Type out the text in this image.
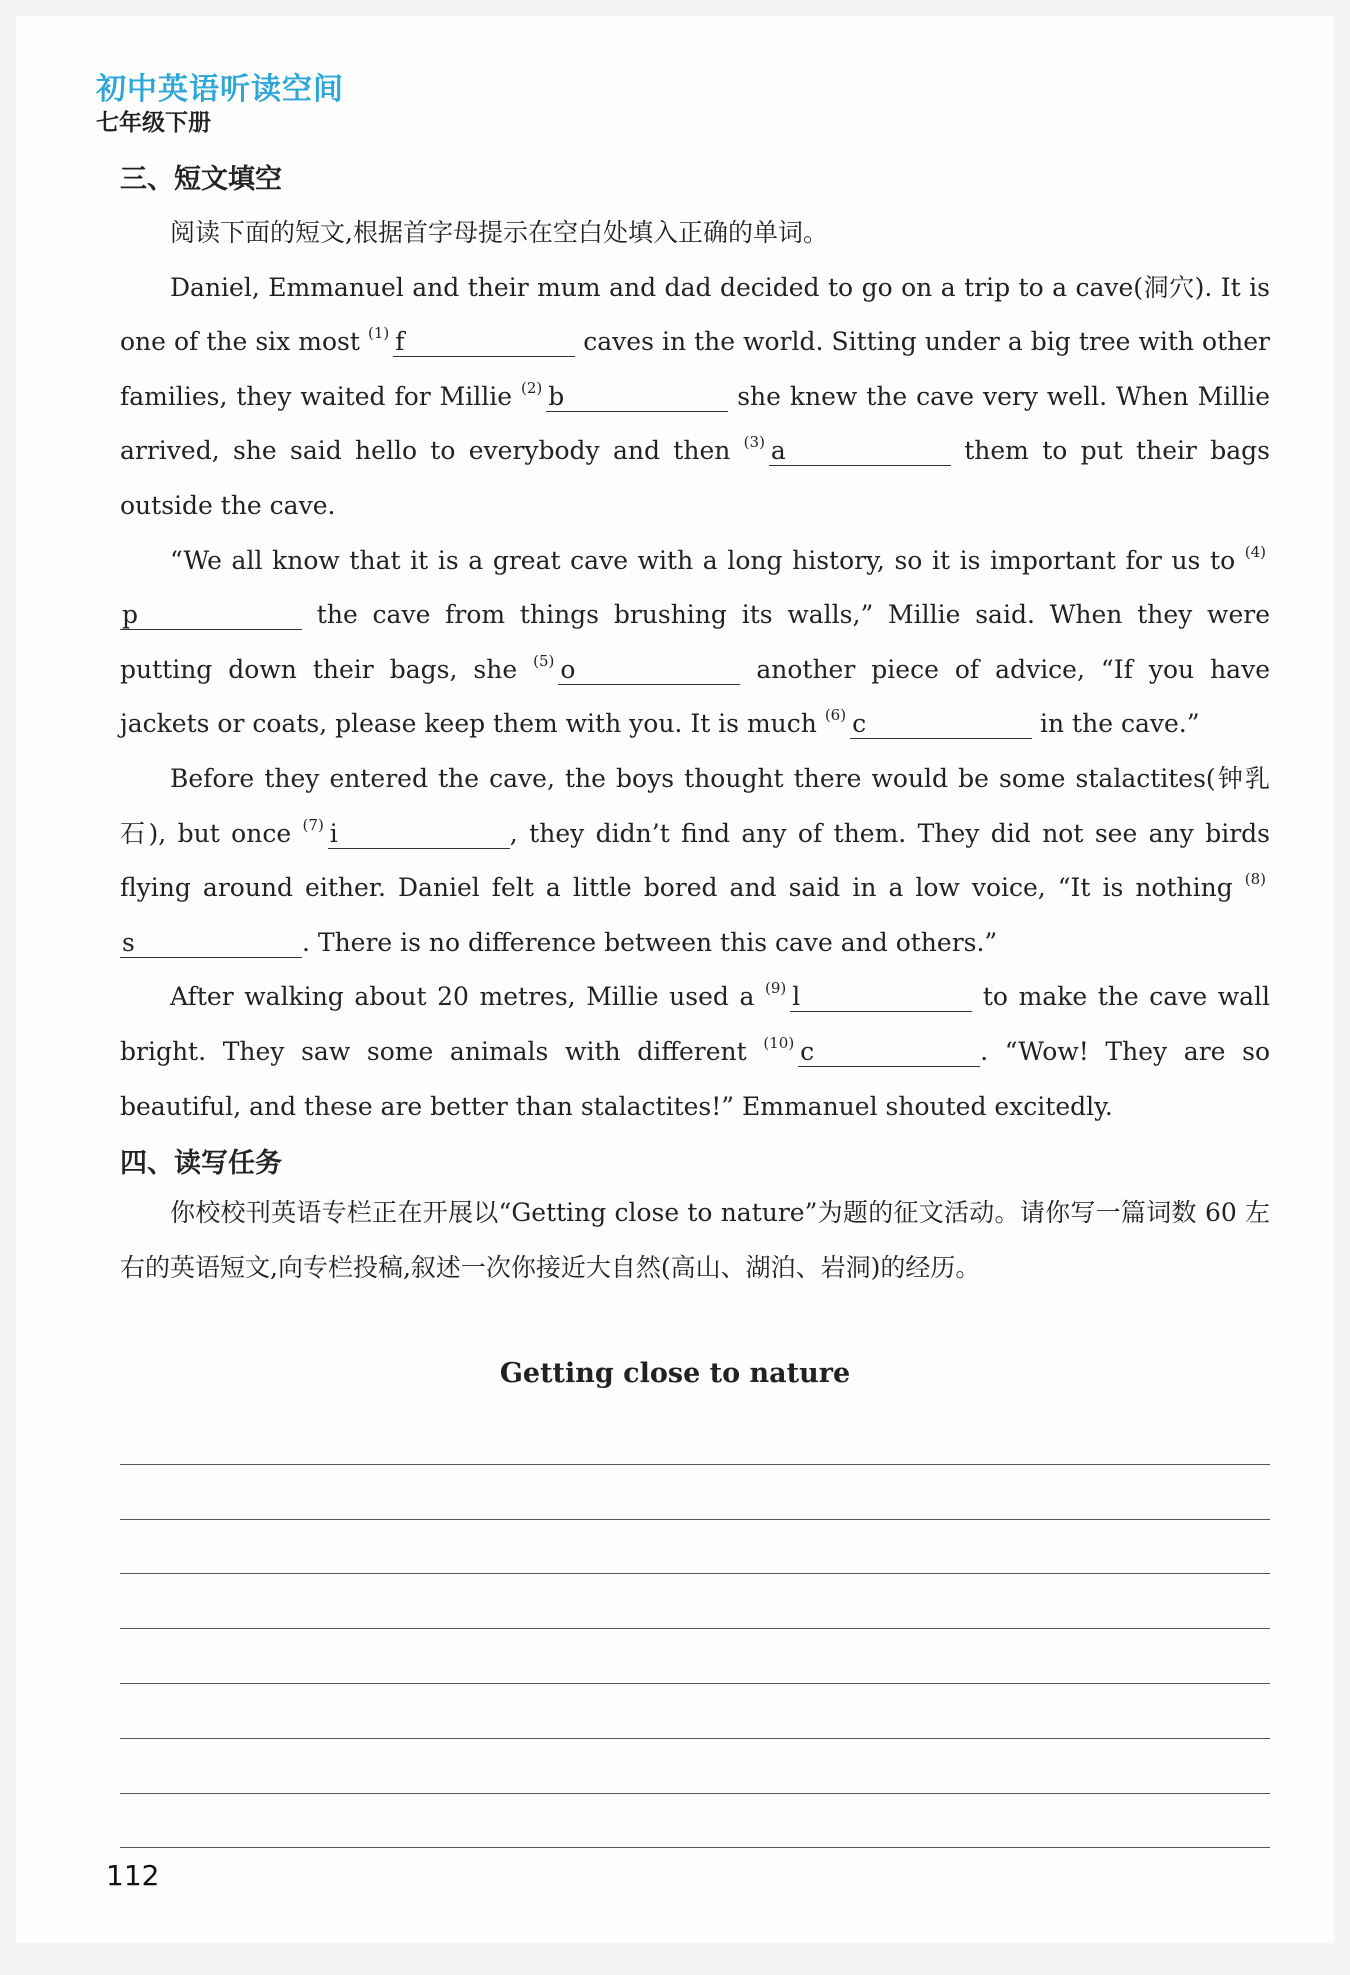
初中英语听读空间
七年级下册
三、短文填空

阅读下面的短文,根据首字母提示在空白处填入正确的单词。

Daniel, Emmanuel and their mum and dad decided to go on a trip to a cave(洞穴). It is one of the six most $^{(1)}$ f	caves in the world. Sitting under a big tree with other families, they waited for Millie $^{(2)}$ b	she knew the cave very well. When Millie arrived, she said hello to everybody and then $^{(3)}$ a	them to put their bags outside the cave.

“We all know that it is a great cave with a long history, so it is important for us to $^{(4)}$p	the cave from things brushing its walls,” Millie said. When they were putting down their bags, she $^{(5)}$ o	another piece of advice, “If you have jackets or coats, please keep them with you. It is much $^{(6)}$ c	in the cave.”

Before they entered the cave, the boys thought there would be some stalactites(钟乳石), but once $^{(7)}$ i	, they didn’t find any of them. They did not see any birds flying around either. Daniel felt a little bored and said in a low voice, “It is nothing $^{(8)}$s	. There is no difference between this cave and others.”

After walking about 20 metres, Millie used a $^{(9)}$ l	to make the cave wall bright. They saw some animals with different $^{(10)}$ c	. “Wow! They are so beautiful, and these are better than stalactites!” Emmanuel shouted excitedly.

四、读写任务

你校校刊英语专栏正在开展以“Getting close to nature”为题的征文活动。请你写一篇词数 60 左右的英语短文,向专栏投稿,叙述一次你接近大自然(高山、湖泊、岩洞)的经历。

Getting close to nature
112
